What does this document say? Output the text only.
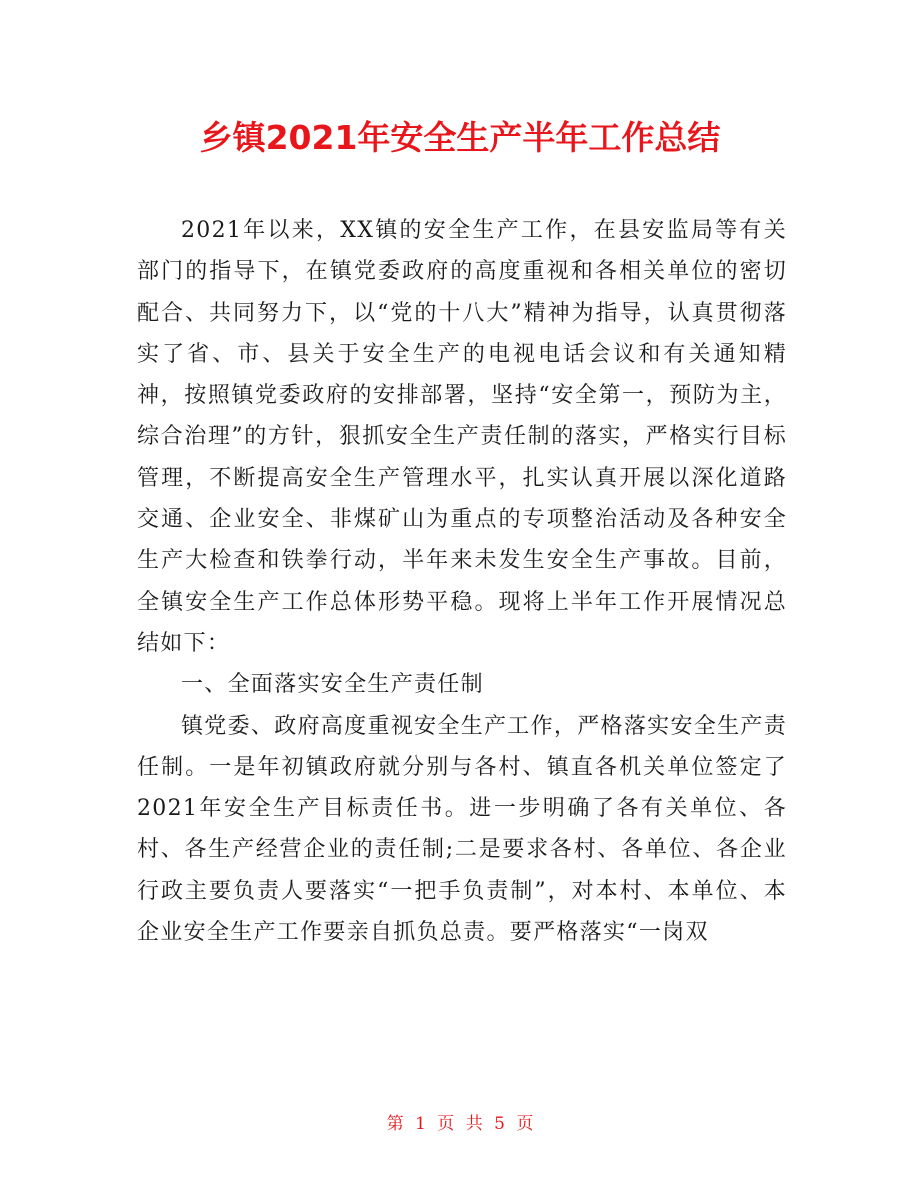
乡镇2021年安全生产半年工作总结

2021年以来，XX镇的安全生产工作，在县安监局等有关部门的指导下，在镇党委政府的高度重视和各相关单位的密切配合、共同努力下，以“党的十八大”精神为指导，认真贯彻落实了省、市、县关于安全生产的电视电话会议和有关通知精神，按照镇党委政府的安排部署，坚持“安全第一，预防为主，综合治理”的方针，狠抓安全生产责任制的落实，严格实行目标管理，不断提高安全生产管理水平，扎实认真开展以深化道路交通、企业安全、非煤矿山为重点的专项整治活动及各种安全生产大检查和铁拳行动，半年来未发生安全生产事故。目前，全镇安全生产工作总体形势平稳。现将上半年工作开展情况总结如下：

一、全面落实安全生产责任制

镇党委、政府高度重视安全生产工作，严格落实安全生产责任制。一是年初镇政府就分别与各村、镇直各机关单位签定了2021年安全生产目标责任书。进一步明确了各有关单位、各村、各生产经营企业的责任制;二是要求各村、各单位、各企业行政主要负责人要落实“一把手负责制”，对本村、本单位、本企业安全生产工作要亲自抓负总责。要严格落实“一岗双

第 1 页 共 5 页
